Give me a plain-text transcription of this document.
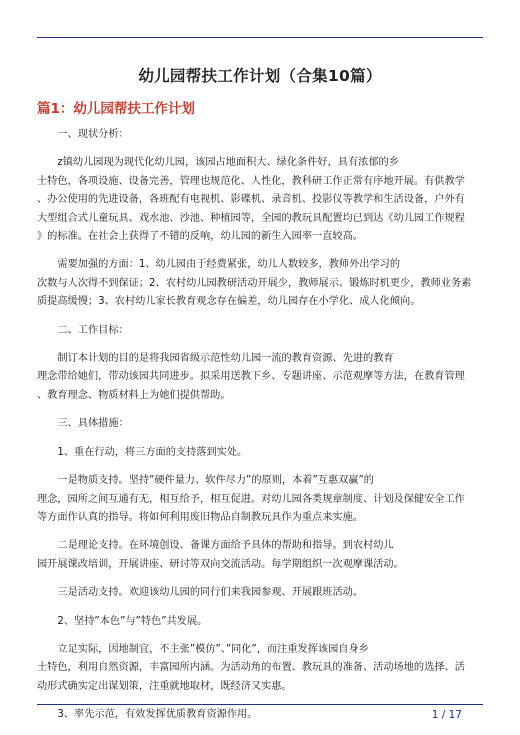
幼儿园帮扶工作计划（合集10篇）
篇1：幼儿园帮扶工作计划

一、现状分析：

z镇幼儿园现为现代化幼儿园，该园占地面积大、绿化条件好，具有浓郁的乡
土特色，各项设施、设备完善，管理也规范化、人性化，教科研工作正常有序地开展。有供教学
、办公使用的先进设备，各班配有电视机、影碟机、录音机、投影仪等教学和生活设备，户外有
大型组合式儿童玩具、戏水池、沙池、种植园等，全园的教玩具配置均已到达《幼儿园工作规程
》的标准。在社会上获得了不错的反响，幼儿园的新生入园率一直较高。

需要加强的方面：1、幼儿园由于经费紧张，幼儿人数较多，教师外出学习的
次数与人次得不到保证；2、农村幼儿园教研活动开展少，教师展示、锻炼时机更少，教师业务素
质提高缓慢；3、农村幼儿家长教育观念存在偏差，幼儿园存在小学化、成人化倾向。

二、工作目标：

制订本计划的目的是将我园省级示范性幼儿园一流的教育资源、先进的教育
理念带给她们，带动该园共同进步。拟采用送教下乡、专题讲座、示范观摩等方法，在教育管理
、教育理念、物质材料上为她们提供帮助。

三、具体措施：

1、重在行动，将三方面的支持落到实处。

一是物质支持。坚持”硬件量力、软件尽力”的原则，本着”互惠双赢”的
理念，园所之间互通有无，相互给予，相互促进。对幼儿园各类规章制度、计划及保健安全工作
等方面作认真的指导。将如何利用废旧物品自制教玩具作为重点来实施。

二是理论支持。在环境创设、备课方面给予具体的帮助和指导。到农村幼儿
园开展课改培训，开展讲座、研讨等双向交流活动。每学期组织一次观摩课活动。

三是活动支持。欢迎该幼儿园的同行们来我园参观、开展跟班活动。

2、坚持”本色”与”特色”共发展。

立足实际，因地制宜，不主张”模仿”、”同化”，而注重发挥该园自身乡
土特色，利用自然资源，丰富园所内涵。为活动角的布置、教玩具的准备、活动场地的选择、活
动形式确实定出谋划策，注重就地取材，既经济又实惠。

3、率先示范，有效发挥优质教育资源作用。	1 / 17
